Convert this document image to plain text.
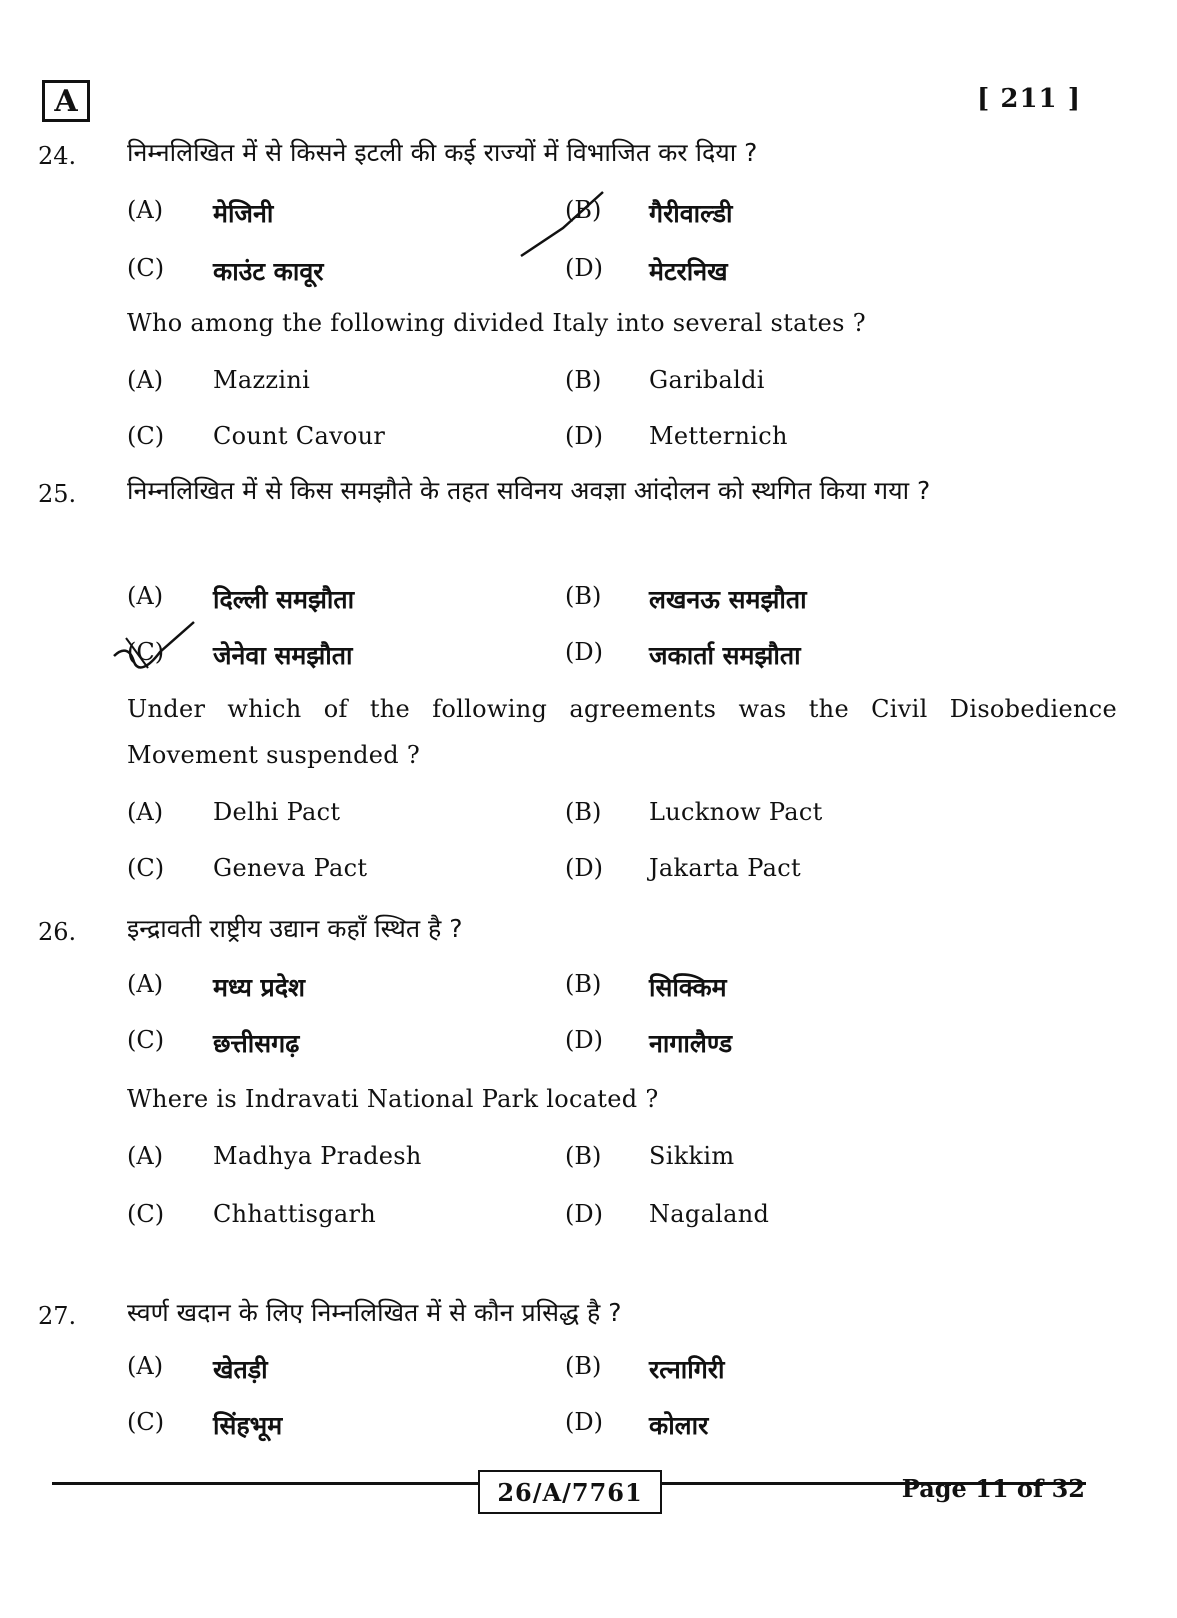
A	[ 211 ]
24.	निम्नलिखित में से किसने इटली की कई राज्यों में विभाजित कर दिया ?
(A) मेजिनी	(B) गैरीवाल्डी
(C) काउंट कावूर	(D) मेटरनिख
Who among the following divided Italy into several states ?
(A) Mazzini	(B) Garibaldi
(C) Count Cavour	(D) Metternich
25.	निम्नलिखित में से किस समझौते के तहत सविनय अवज्ञा आंदोलन को स्थगित किया गया ?
(A) दिल्ली समझौता	(B) लखनऊ समझौता
(C) जेनेवा समझौता	(D) जकार्ता समझौता
Under which of the following agreements was the Civil Disobedience Movement suspended ?
(A) Delhi Pact	(B) Lucknow Pact
(C) Geneva Pact	(D) Jakarta Pact
26.	इन्द्रावती राष्ट्रीय उद्यान कहाँ स्थित है ?
(A) मध्य प्रदेश	(B) सिक्किम
(C) छत्तीसगढ़	(D) नागालैण्ड
Where is Indravati National Park located ?
(A) Madhya Pradesh	(B) Sikkim
(C) Chhattisgarh	(D) Nagaland
27.	स्वर्ण खदान के लिए निम्नलिखित में से कौन प्रसिद्ध है ?
(A) खेतड़ी	(B) रत्नागिरी
(C) सिंहभूम	(D) कोलार
26/A/7761	Page 11 of 32
